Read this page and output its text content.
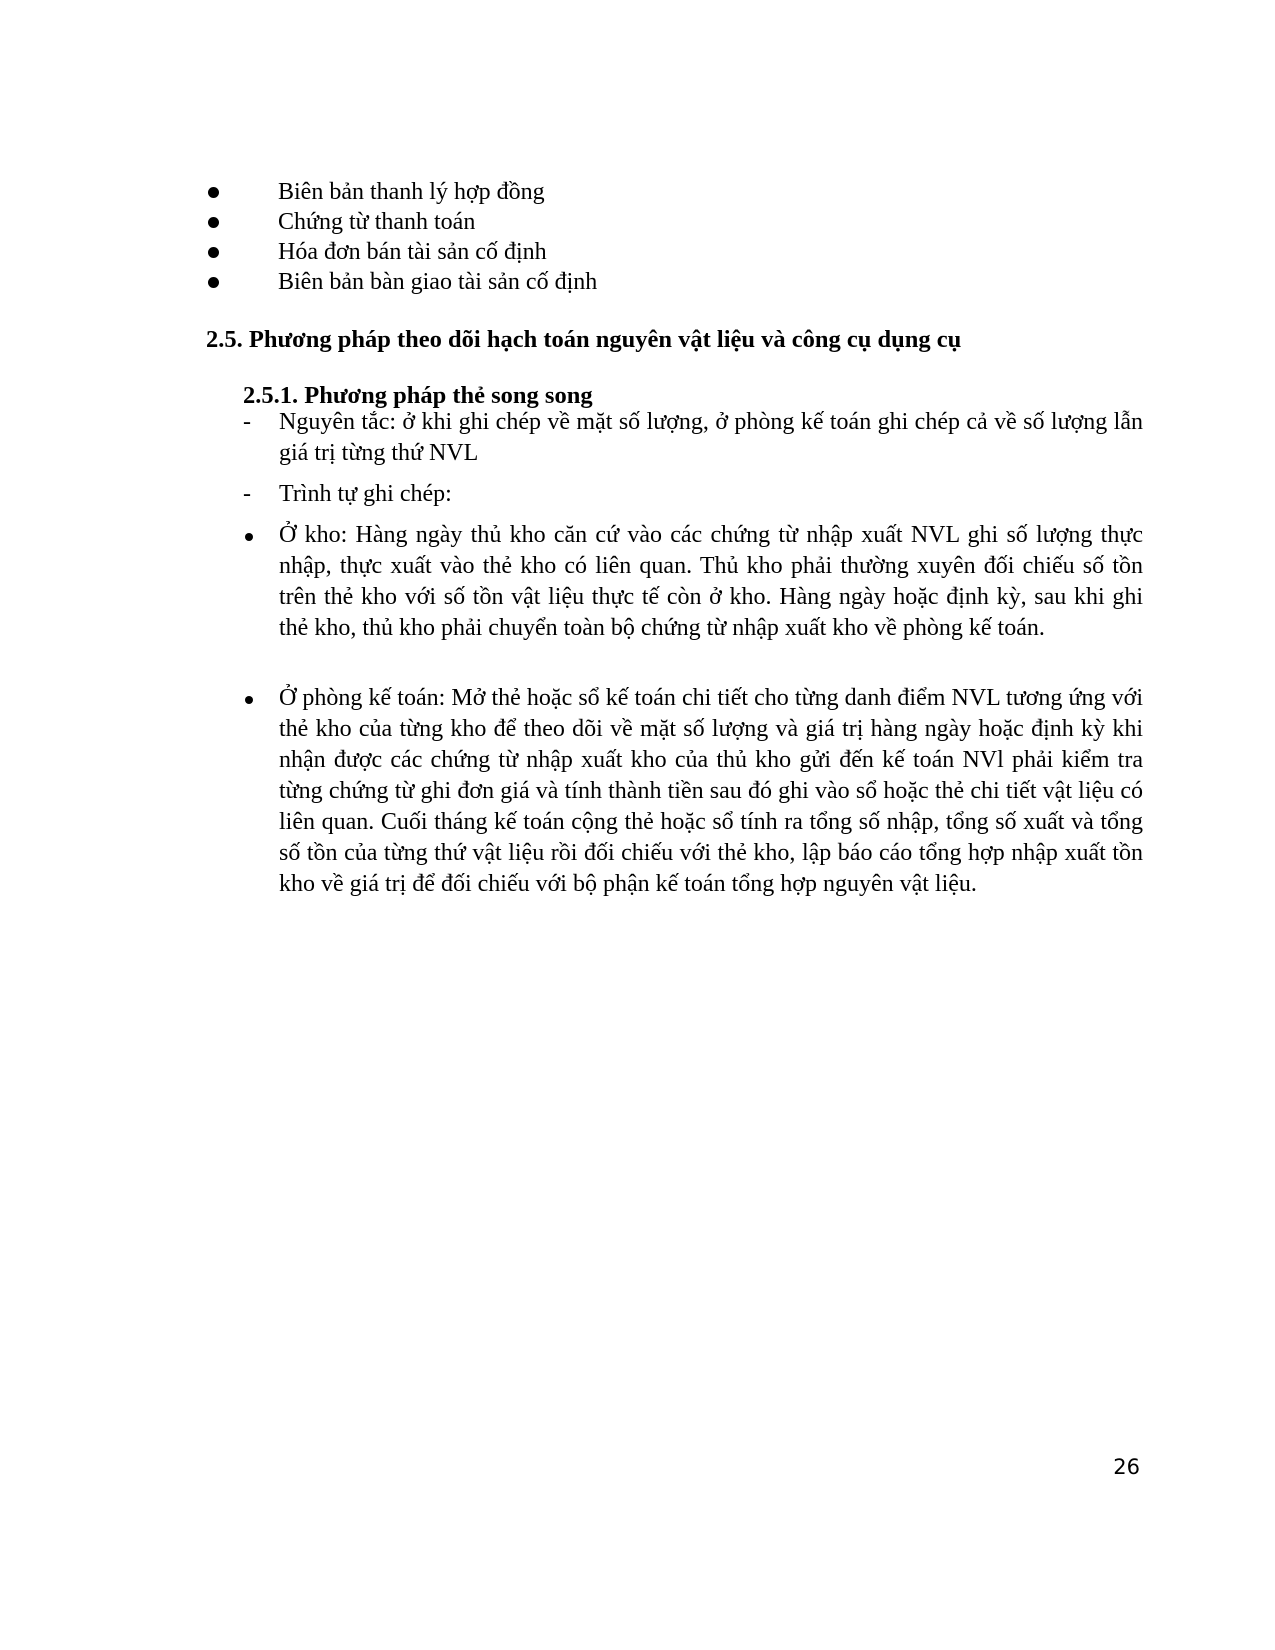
Biên bản thanh lý hợp đồng
Chứng từ thanh toán
Hóa đơn bán tài sản cố định
Biên bản bàn giao tài sản cố định
2.5. Phương pháp theo dõi hạch toán nguyên vật liệu và công cụ dụng cụ
2.5.1. Phương pháp thẻ song song
- Nguyên tắc: ở khi ghi chép về mặt số lượng, ở phòng kế toán ghi chép cả về số lượng lẫn giá trị từng thứ NVL
- Trình tự ghi chép:
Ở kho: Hàng ngày thủ kho căn cứ vào các chứng từ nhập xuất NVL ghi số lượng thực nhập, thực xuất vào thẻ kho có liên quan. Thủ kho phải thường xuyên đối chiếu số tồn trên thẻ kho với số tồn vật liệu thực tế còn ở kho. Hàng ngày hoặc định kỳ, sau khi ghi thẻ kho, thủ kho phải chuyển toàn bộ chứng từ nhập xuất kho về phòng kế toán.
Ở phòng kế toán: Mở thẻ hoặc sổ kế toán chi tiết cho từng danh điểm NVL tương ứng với thẻ kho của từng kho để theo dõi về mặt số lượng và giá trị hàng ngày hoặc định kỳ khi nhận được các chứng từ nhập xuất kho của thủ kho gửi đến kế toán NVl phải kiểm tra từng chứng từ ghi đơn giá và tính thành tiền sau đó ghi vào sổ hoặc thẻ chi tiết vật liệu có liên quan. Cuối tháng kế toán cộng thẻ hoặc sổ tính ra tổng số nhập, tổng số xuất và tổng số tồn của từng thứ vật liệu rồi đối chiếu với thẻ kho, lập báo cáo tổng hợp nhập xuất tồn kho về giá trị để đối chiếu với bộ phận kế toán tổng hợp nguyên vật liệu.
26
